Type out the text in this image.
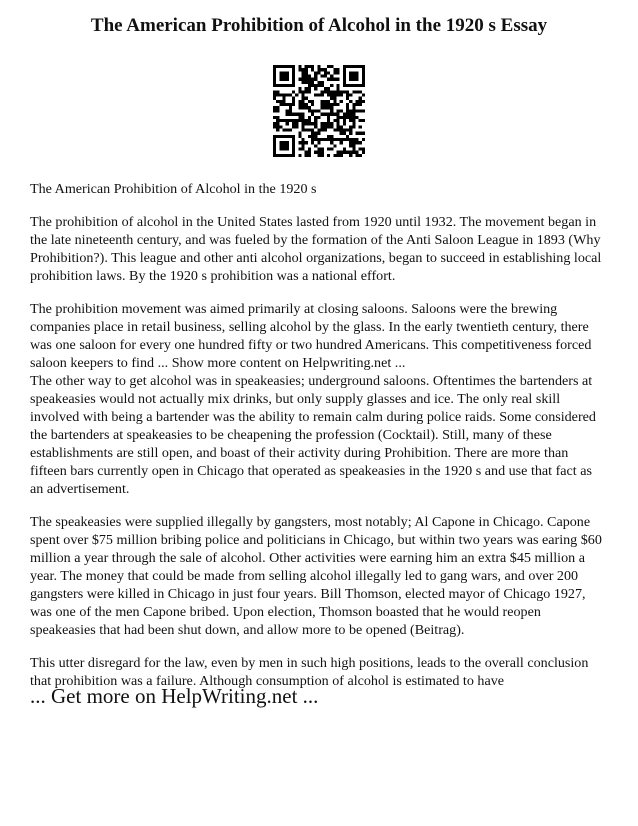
The American Prohibition of Alcohol in the 1920 s Essay

The American Prohibition of Alcohol in the 1920 s

The prohibition of alcohol in the United States lasted from 1920 until 1932. The movement began in the late nineteenth century, and was fueled by the formation of the Anti Saloon League in 1893 (Why Prohibition?). This league and other anti alcohol organizations, began to succeed in establishing local prohibition laws. By the 1920 s prohibition was a national effort.

The prohibition movement was aimed primarily at closing saloons. Saloons were the brewing companies place in retail business, selling alcohol by the glass. In the early twentieth century, there was one saloon for every one hundred fifty or two hundred Americans. This competitiveness forced saloon keepers to find ... Show more content on Helpwriting.net ...

The other way to get alcohol was in speakeasies; underground saloons. Oftentimes the bartenders at speakeasies would not actually mix drinks, but only supply glasses and ice. The only real skill involved with being a bartender was the ability to remain calm during police raids. Some considered the bartenders at speakeasies to be cheapening the profession (Cocktail). Still, many of these establishments are still open, and boast of their activity during Prohibition. There are more than fifteen bars currently open in Chicago that operated as speakeasies in the 1920 s and use that fact as an advertisement.

The speakeasies were supplied illegally by gangsters, most notably; Al Capone in Chicago. Capone spent over $75 million bribing police and politicians in Chicago, but within two years was earing $60 million a year through the sale of alcohol. Other activities were earning him an extra $45 million a year. The money that could be made from selling alcohol illegally led to gang wars, and over 200 gangsters were killed in Chicago in just four years. Bill Thomson, elected mayor of Chicago 1927, was one of the men Capone bribed. Upon election, Thomson boasted that he would reopen speakeasies that had been shut down, and allow more to be opened (Beitrag).

This utter disregard for the law, even by men in such high positions, leads to the overall conclusion that prohibition was a failure. Although consumption of alcohol is estimated to have

... Get more on HelpWriting.net ...
